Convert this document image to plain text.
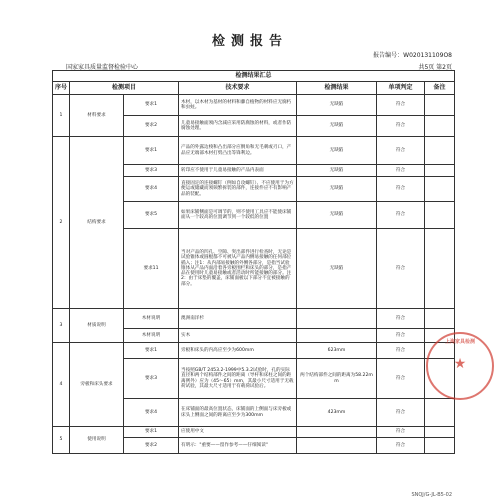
检测报告
报告编号：W020131109O8
国家家具质量监督检验中心	共5页 第2页
检测结果汇总						
序号	检测项目		技术要求	检测结果	单项判定	备注
1	材料要求	要求1	木材，以木材为基材的材料和藤自植物的材料应无腐朽和虫蛀。	无缺陷	符合	
		要求2	儿童易接触面须内含减应采用防腐蚀的材料，或者作防腐蚀处理。	无缺陷	符合	
2	结构要求	要求1	产品的外露边棱和凸出部分应倒角和无毛刺或刃口，产品应无端部木材打劈凸出等锋利边。	无缺陷	符合	
		要求3	转印应不使用于儿童易接触的产品内表面	无缺陷	符合	
		要求4	直接固定的连接螺钉（例如自攻螺钉）、不应使用于为方便运或储藏而须频繁拆装的部件，连接件应不有影响产品的装配。	无缺陷	符合	
		要求5	如果床铺侧面是可调节的，则不使用工具应不能使床铺面从一个较高的位置调节到一个较低的位置	无缺陷	符合	
		要求11	当对产品的凹孔、空隙、突出部件进行检查时，无论是试验锥体或圆棍都不可被从产品内侧易接触的任何部位插入；注1：从内部易接触的外侧各部分，是指当试验锥体从产品内面沿着各旁板围栏和床头的部分，是指产品在使用时儿童易接触或者活动时所能接触的部分。注2：由于床垫的覆盖，床铺面板以下部分不宜被接触的部分。	无缺陷	符合	
3	材质说明	木材说明	澳洲南洋杉		符合	
		木材说明	实木		符合	
4	旁板和床头要求	要求1	旁板和床头的内高应至少为600mm	623mm	符合	
		要求3	当按照GB/T 2453.2-1999中5.3.2试验时，孔的实际直径和两个结构部件之间的距离（导杆和床柱之间的距离例外）应为（45～65）mm，其最小尺寸适用于无载荷试验，其最大尺寸适用于有载荷试验后。	两个结构部件之间的距离为58.22mm	符合	
		要求4	在床铺面的最高位置状态，床铺面的上侧面与床旁板或床头上侧面之间的距离应至少为300mm	423mm	符合	
5	使用说明	要求1	应使用中文		符合	
		要求2	有明示："重要——留作参考——仔细阅读"		符合	
上海家具检测
★
SNQJ/G-JL-B5-02
